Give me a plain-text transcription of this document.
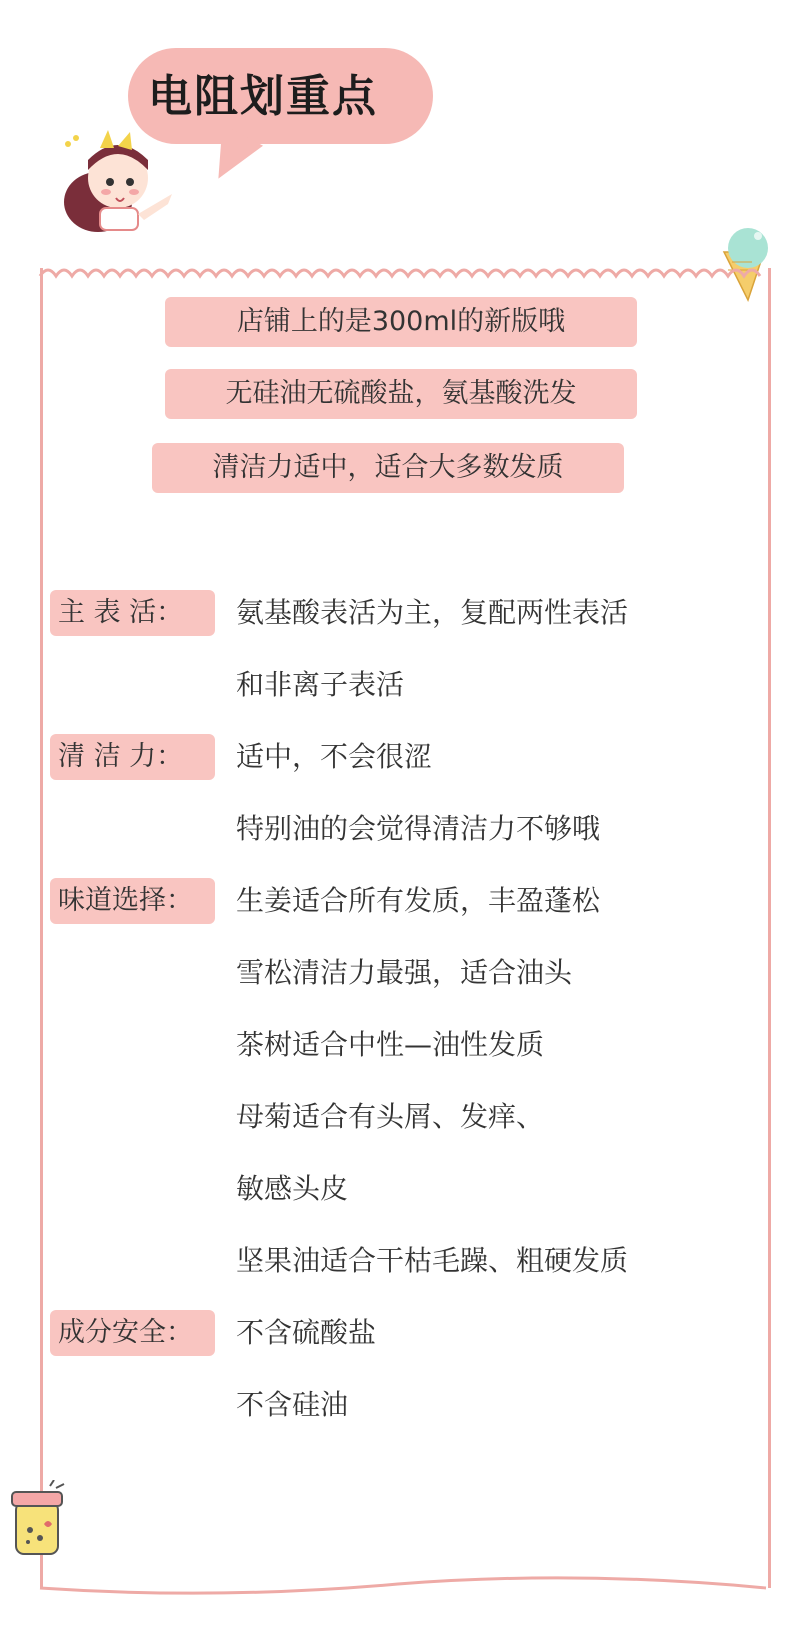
电阻划重点
店铺上的是300ml的新版哦
无硅油无硫酸盐，氨基酸洗发
清洁力适中，适合大多数发质
主 表 活：	氨基酸表活为主，复配两性表活
和非离子表活
清 洁 力：	适中，不会很涩
特别油的会觉得清洁力不够哦
味道选择：	生姜适合所有发质，丰盈蓬松
雪松清洁力最强，适合油头
茶树适合中性—油性发质
母菊适合有头屑、发痒、
敏感头皮
坚果油适合干枯毛躁、粗硬发质
成分安全：	不含硫酸盐
不含硅油
